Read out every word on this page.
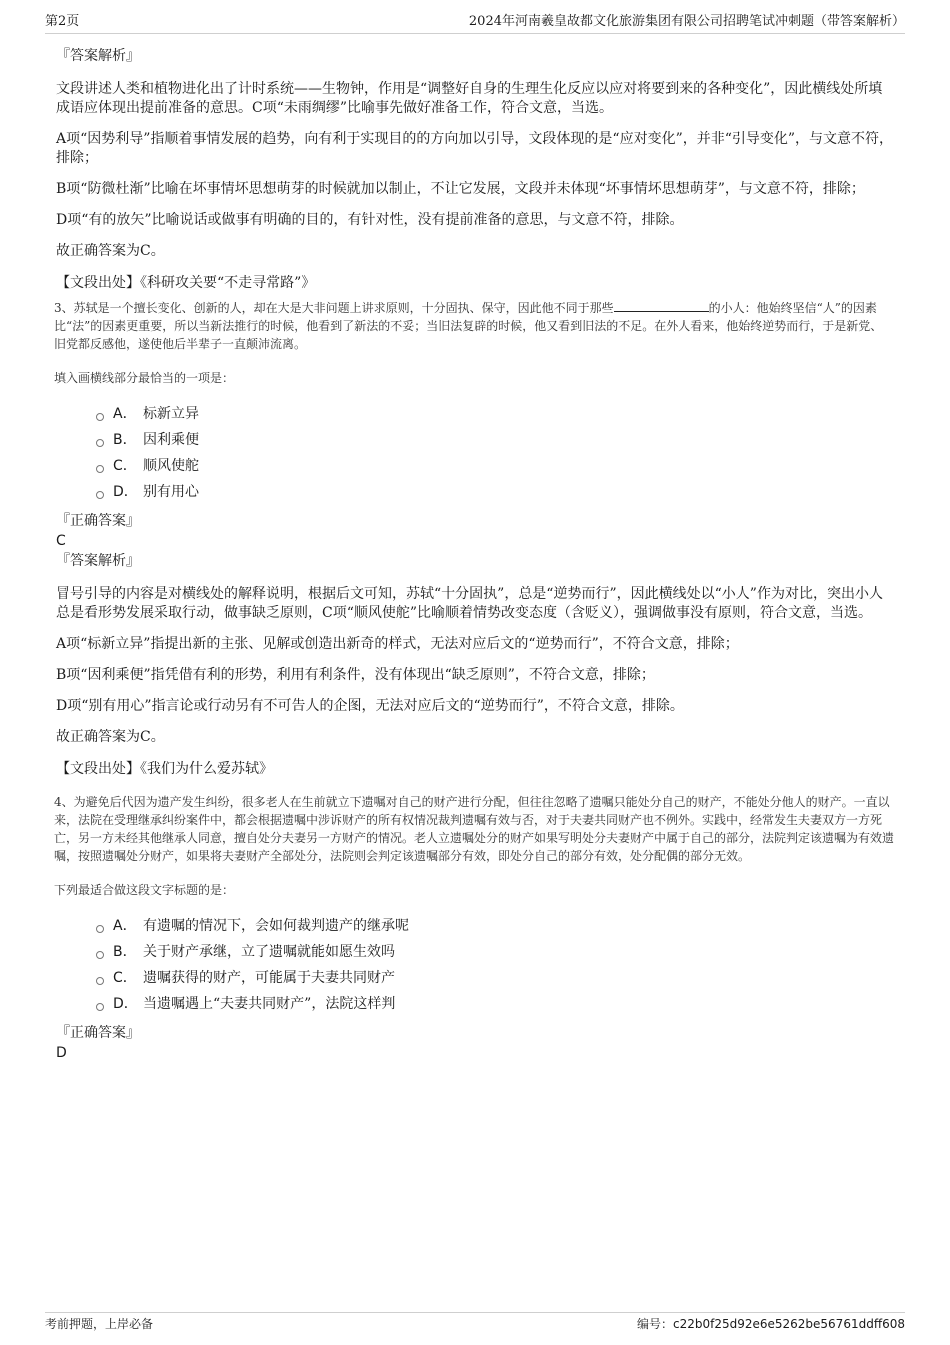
第2页	2024年河南羲皇故都文化旅游集团有限公司招聘笔试冲刺题（带答案解析）

『答案解析』

文段讲述人类和植物进化出了计时系统——生物钟，作用是“调整好自身的生理生化反应以应对将要到来的各种变化”，因此横线处所填成语应体现出提前准备的意思。C项“未雨绸缪”比喻事先做好准备工作，符合文意，当选。

A项“因势利导”指顺着事情发展的趋势，向有利于实现目的的方向加以引导，文段体现的是“应对变化”，并非“引导变化”，与文意不符，排除；

B项“防微杜渐”比喻在坏事情坏思想萌芽的时候就加以制止，不让它发展，文段并未体现“坏事情坏思想萌芽”，与文意不符，排除；

D项“有的放矢”比喻说话或做事有明确的目的，有针对性，没有提前准备的意思，与文意不符，排除。

故正确答案为C。

【文段出处】《科研攻关要“不走寻常路”》

3、苏轼是一个擅长变化、创新的人，却在大是大非问题上讲求原则，十分固执、保守，因此他不同于那些	的小人：他始终坚信“人”的因素比“法”的因素更重要，所以当新法推行的时候，他看到了新法的不妥；当旧法复辟的时候，他又看到旧法的不足。在外人看来，他始终逆势而行，于是新党、旧党都反感他，遂使他后半辈子一直颠沛流离。

填入画横线部分最恰当的一项是：

A． 标新立异
B． 因利乘便
C． 顺风使舵
D． 别有用心

『正确答案』

C

『答案解析』

冒号引导的内容是对横线处的解释说明，根据后文可知，苏轼“十分固执”，总是“逆势而行”，因此横线处以“小人”作为对比，突出小人总是看形势发展采取行动，做事缺乏原则，C项“顺风使舵”比喻顺着情势改变态度（含贬义），强调做事没有原则，符合文意，当选。

A项“标新立异”指提出新的主张、见解或创造出新奇的样式，无法对应后文的“逆势而行”，不符合文意，排除；

B项“因利乘便”指凭借有利的形势，利用有利条件，没有体现出“缺乏原则”，不符合文意，排除；

D项“别有用心”指言论或行动另有不可告人的企图，无法对应后文的“逆势而行”，不符合文意，排除。

故正确答案为C。

【文段出处】《我们为什么爱苏轼》

4、为避免后代因为遗产发生纠纷，很多老人在生前就立下遗嘱对自己的财产进行分配，但往往忽略了遗嘱只能处分自己的财产，不能处分他人的财产。一直以来，法院在受理继承纠纷案件中，都会根据遗嘱中涉诉财产的所有权情况裁判遗嘱有效与否，对于夫妻共同财产也不例外。实践中，经常发生夫妻双方一方死亡，另一方未经其他继承人同意，擅自处分夫妻另一方财产的情况。老人立遗嘱处分的财产如果写明处分夫妻财产中属于自己的部分，法院判定该遗嘱为有效遗嘱，按照遗嘱处分财产，如果将夫妻财产全部处分，法院则会判定该遗嘱部分有效，即处分自己的部分有效，处分配偶的部分无效。

下列最适合做这段文字标题的是：

A． 有遗嘱的情况下，会如何裁判遗产的继承呢
B． 关于财产承继，立了遗嘱就能如愿生效吗
C． 遗嘱获得的财产，可能属于夫妻共同财产
D． 当遗嘱遇上“夫妻共同财产”，法院这样判

『正确答案』

D

考前押题，上岸必备	编号：c22b0f25d92e6e5262be56761ddff608
